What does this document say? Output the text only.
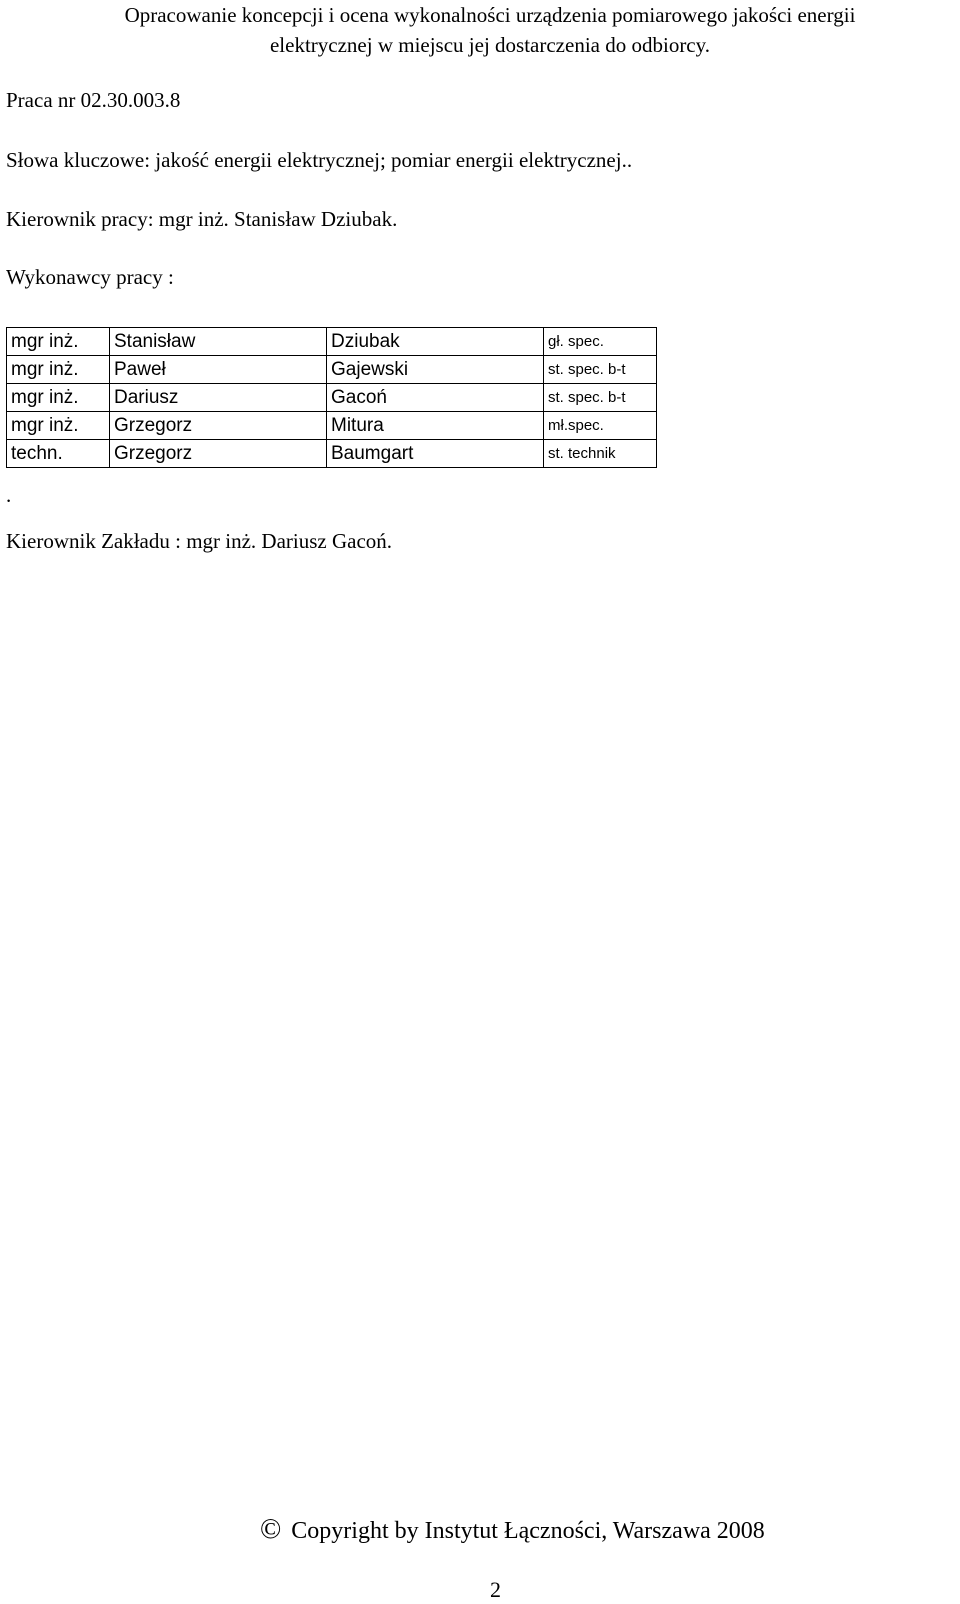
Opracowanie koncepcji i ocena wykonalności urządzenia pomiarowego jakości energii
elektrycznej w miejscu jej dostarczenia do odbiorcy.
Praca nr 02.30.003.8
Słowa kluczowe: jakość energii elektrycznej; pomiar energii elektrycznej..
Kierownik pracy: mgr inż. Stanisław Dziubak.
Wykonawcy pracy :
mgr inż.	Stanisław	Dziubak	gł. spec.
mgr inż.	Paweł	Gajewski	st. spec. b-t
mgr inż.	Dariusz	Gacoń	st. spec. b-t
mgr inż.	Grzegorz	Mitura	mł.spec.
techn.	Grzegorz	Baumgart	st. technik
.
Kierownik Zakładu : mgr inż. Dariusz Gacoń.
© Copyright by Instytut Łączności, Warszawa 2008
2
